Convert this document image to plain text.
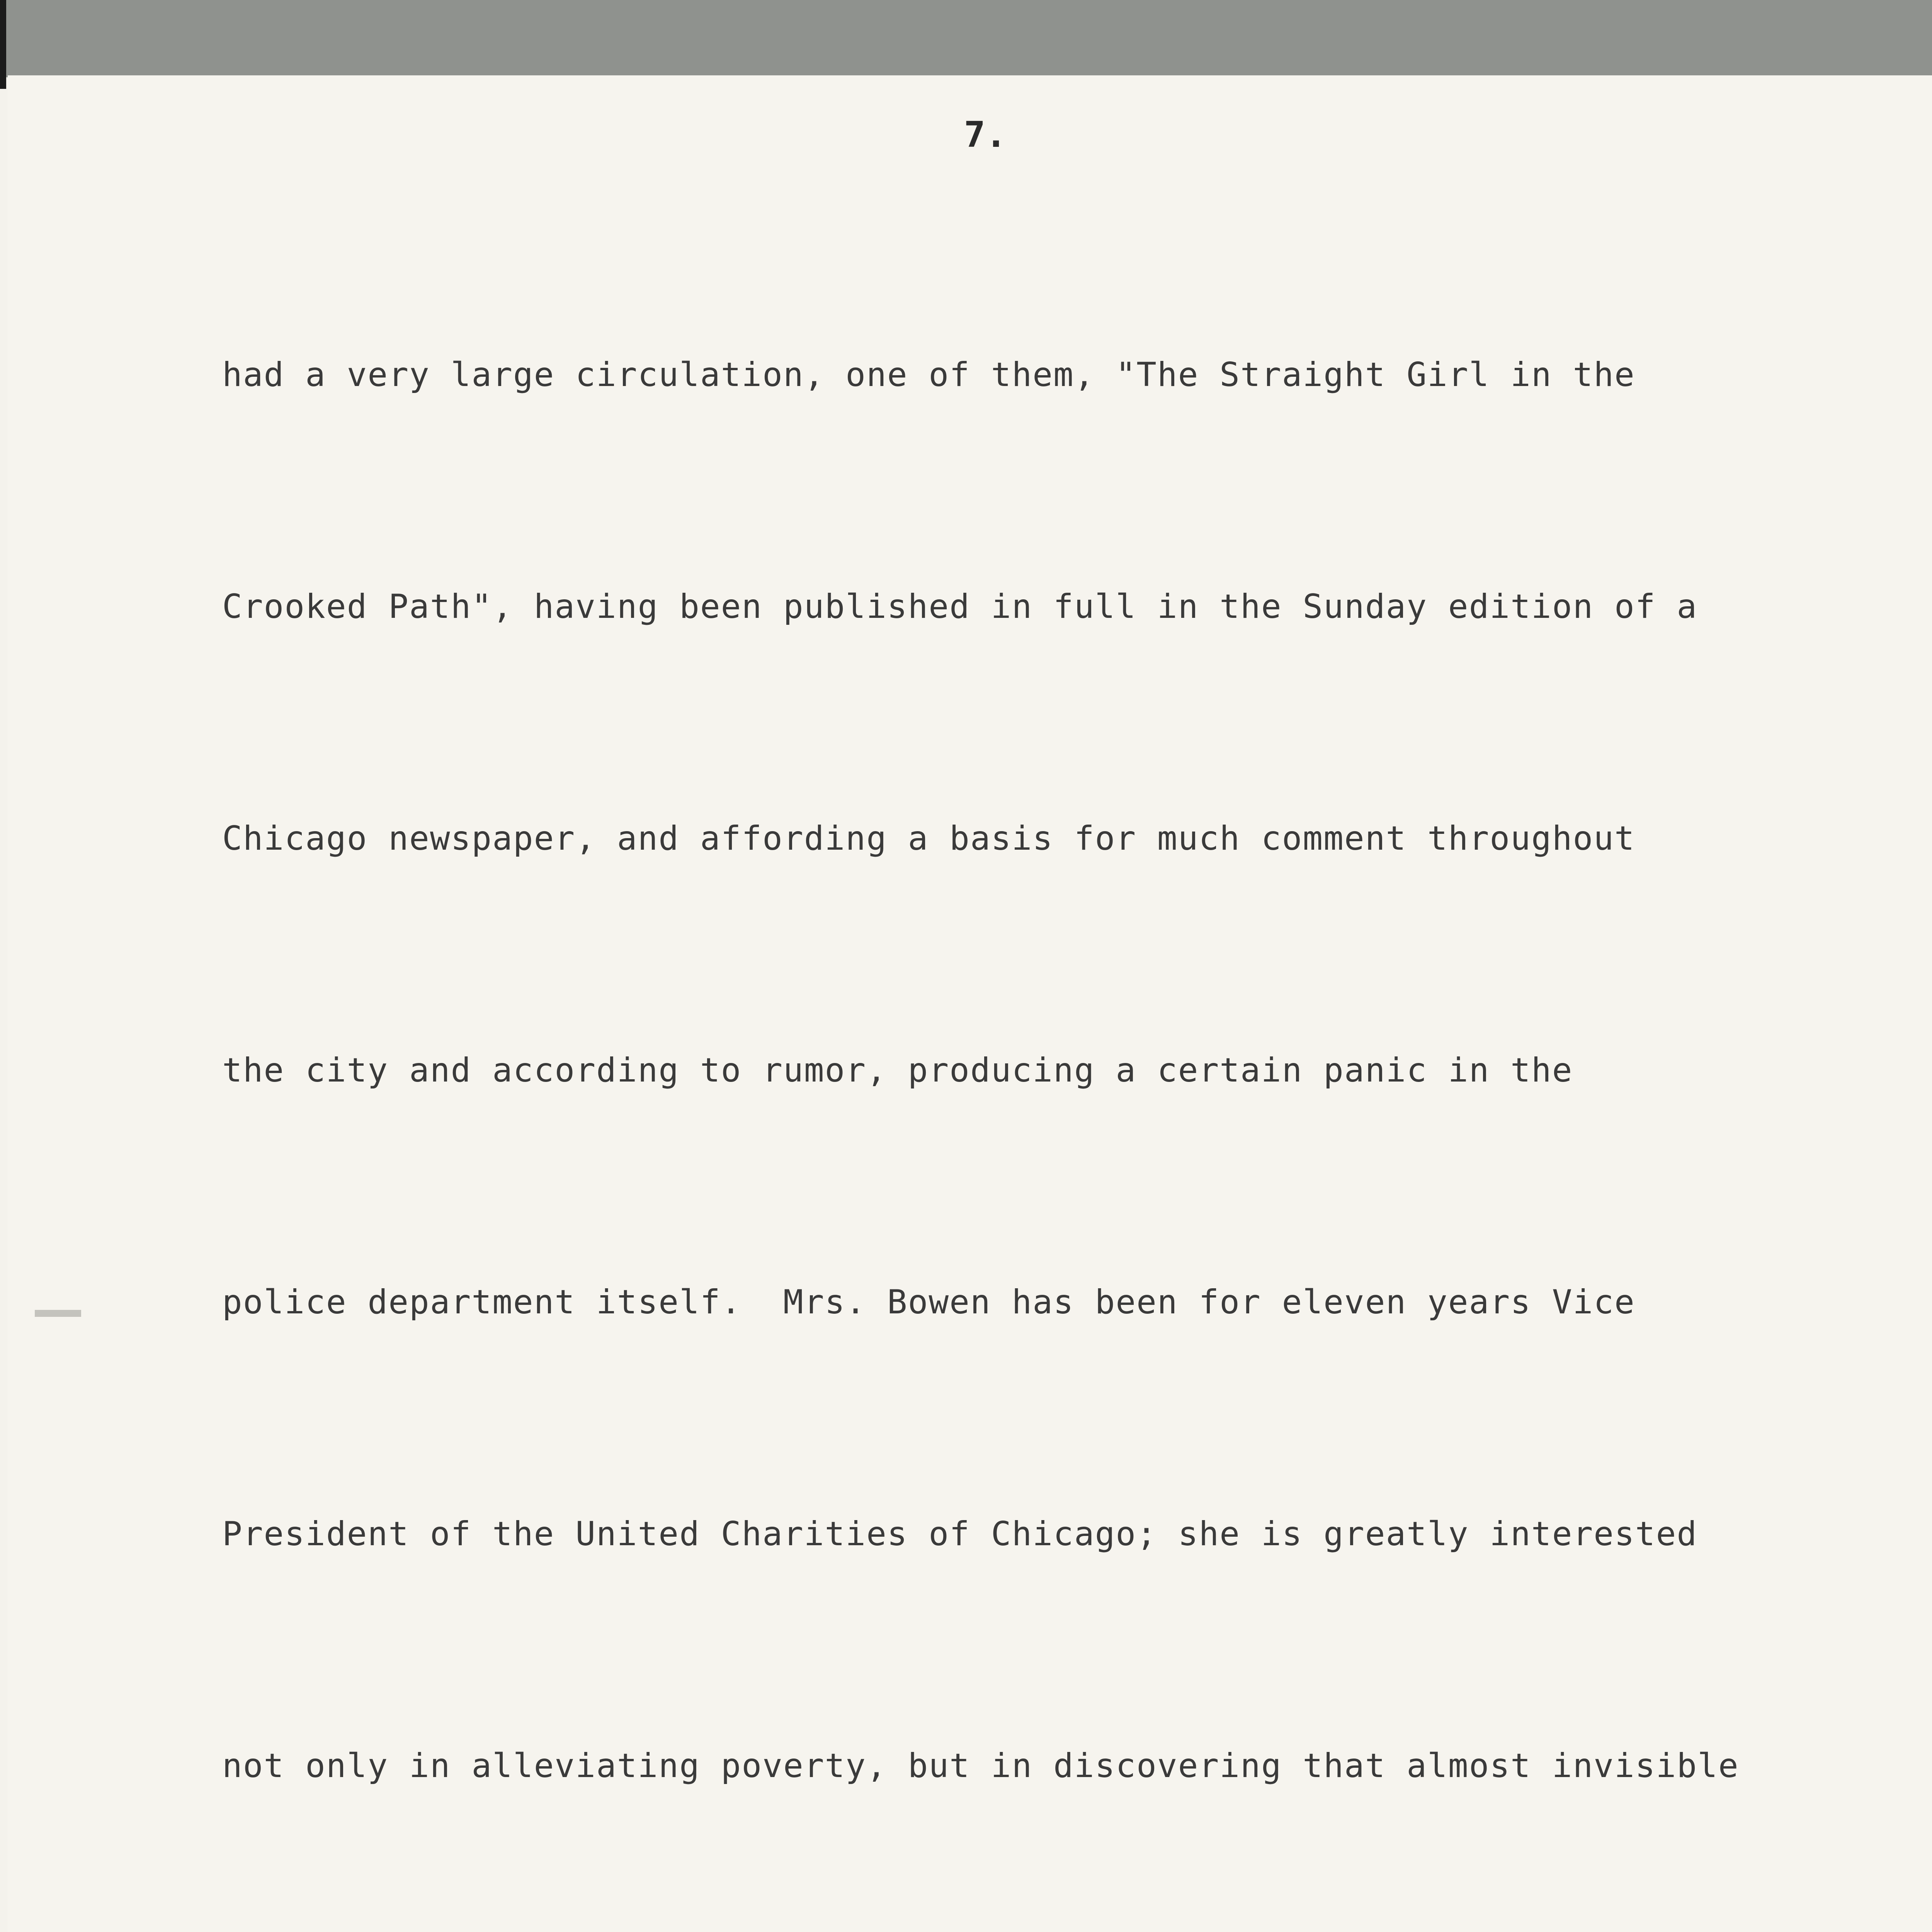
7.

had a very large circulation, one of them, "The Straight Girl in the

Crooked Path", having been published in full in the Sunday edition of a

Chicago newspaper, and affording a basis for much comment throughout

the city and according to rumor, producing a certain panic in the

police department itself.  Mrs. Bowen has been for eleven years Vice

President of the United Charities of Chicago; she is greatly interested

not only in alleviating poverty, but in discovering that almost invisible
